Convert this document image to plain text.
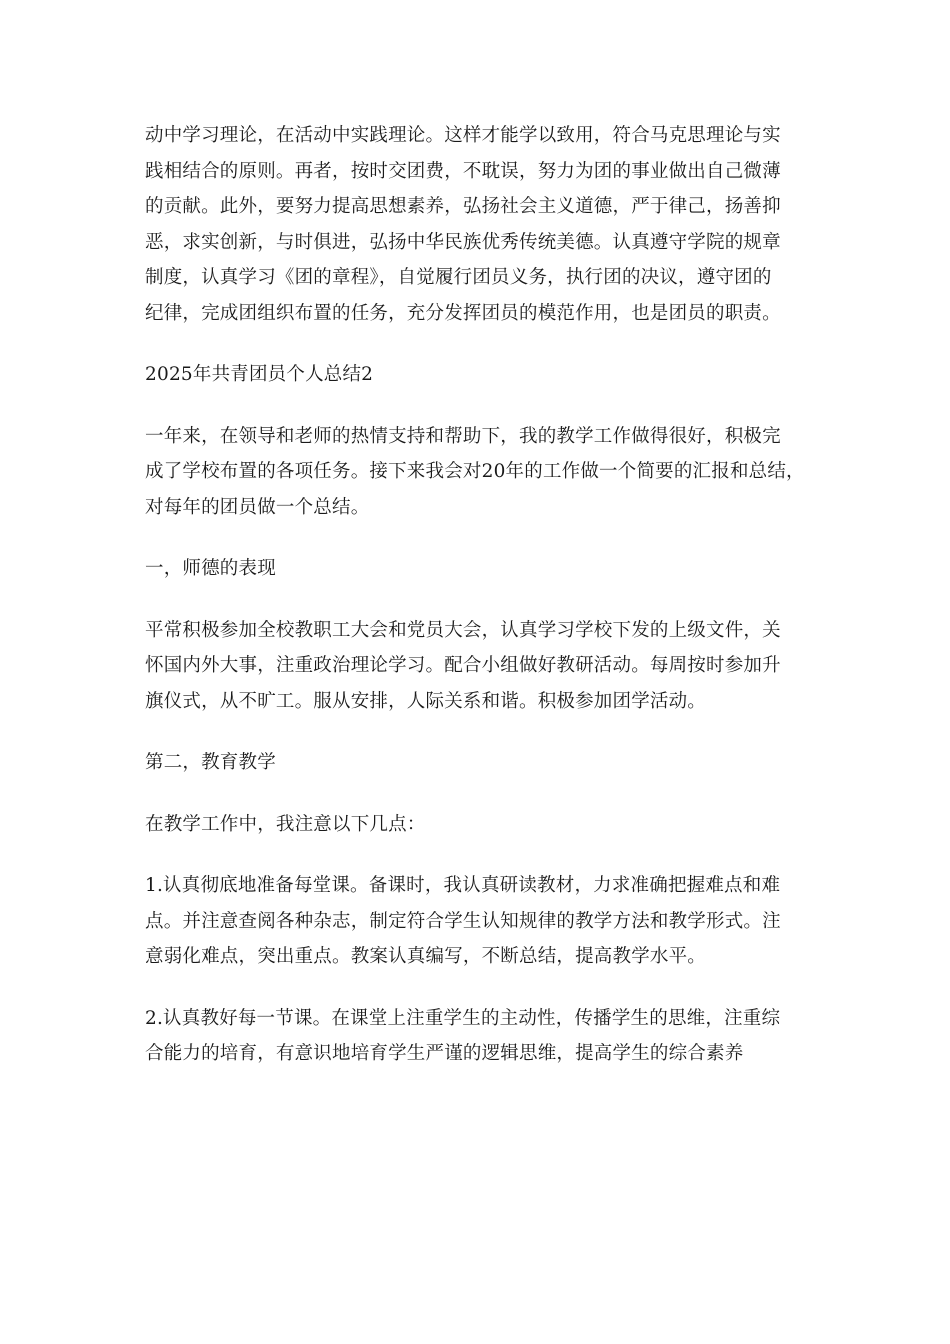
动中学习理论，在活动中实践理论。这样才能学以致用，符合马克思理论与实

践相结合的原则。再者，按时交团费，不耽误，努力为团的事业做出自己微薄

的贡献。此外，要努力提高思想素养，弘扬社会主义道德，严于律己，扬善抑

恶，求实创新，与时俱进，弘扬中华民族优秀传统美德。认真遵守学院的规章

制度，认真学习《团的章程》，自觉履行团员义务，执行团的决议，遵守团的

纪律，完成团组织布置的任务，充分发挥团员的模范作用，也是团员的职责。

2025年共青团员个人总结2

一年来，在领导和老师的热情支持和帮助下，我的教学工作做得很好，积极完

成了学校布置的各项任务。接下来我会对20年的工作做一个简要的汇报和总结，

对每年的团员做一个总结。

一，师德的表现

平常积极参加全校教职工大会和党员大会，认真学习学校下发的上级文件，关

怀国内外大事，注重政治理论学习。配合小组做好教研活动。每周按时参加升

旗仪式，从不旷工。服从安排，人际关系和谐。积极参加团学活动。

第二，教育教学

在教学工作中，我注意以下几点：

1.认真彻底地准备每堂课。备课时，我认真研读教材，力求准确把握难点和难

点。并注意查阅各种杂志，制定符合学生认知规律的教学方法和教学形式。注

意弱化难点，突出重点。教案认真编写，不断总结，提高教学水平。

2.认真教好每一节课。在课堂上注重学生的主动性，传播学生的思维，注重综

合能力的培育，有意识地培育学生严谨的逻辑思维，提高学生的综合素养
